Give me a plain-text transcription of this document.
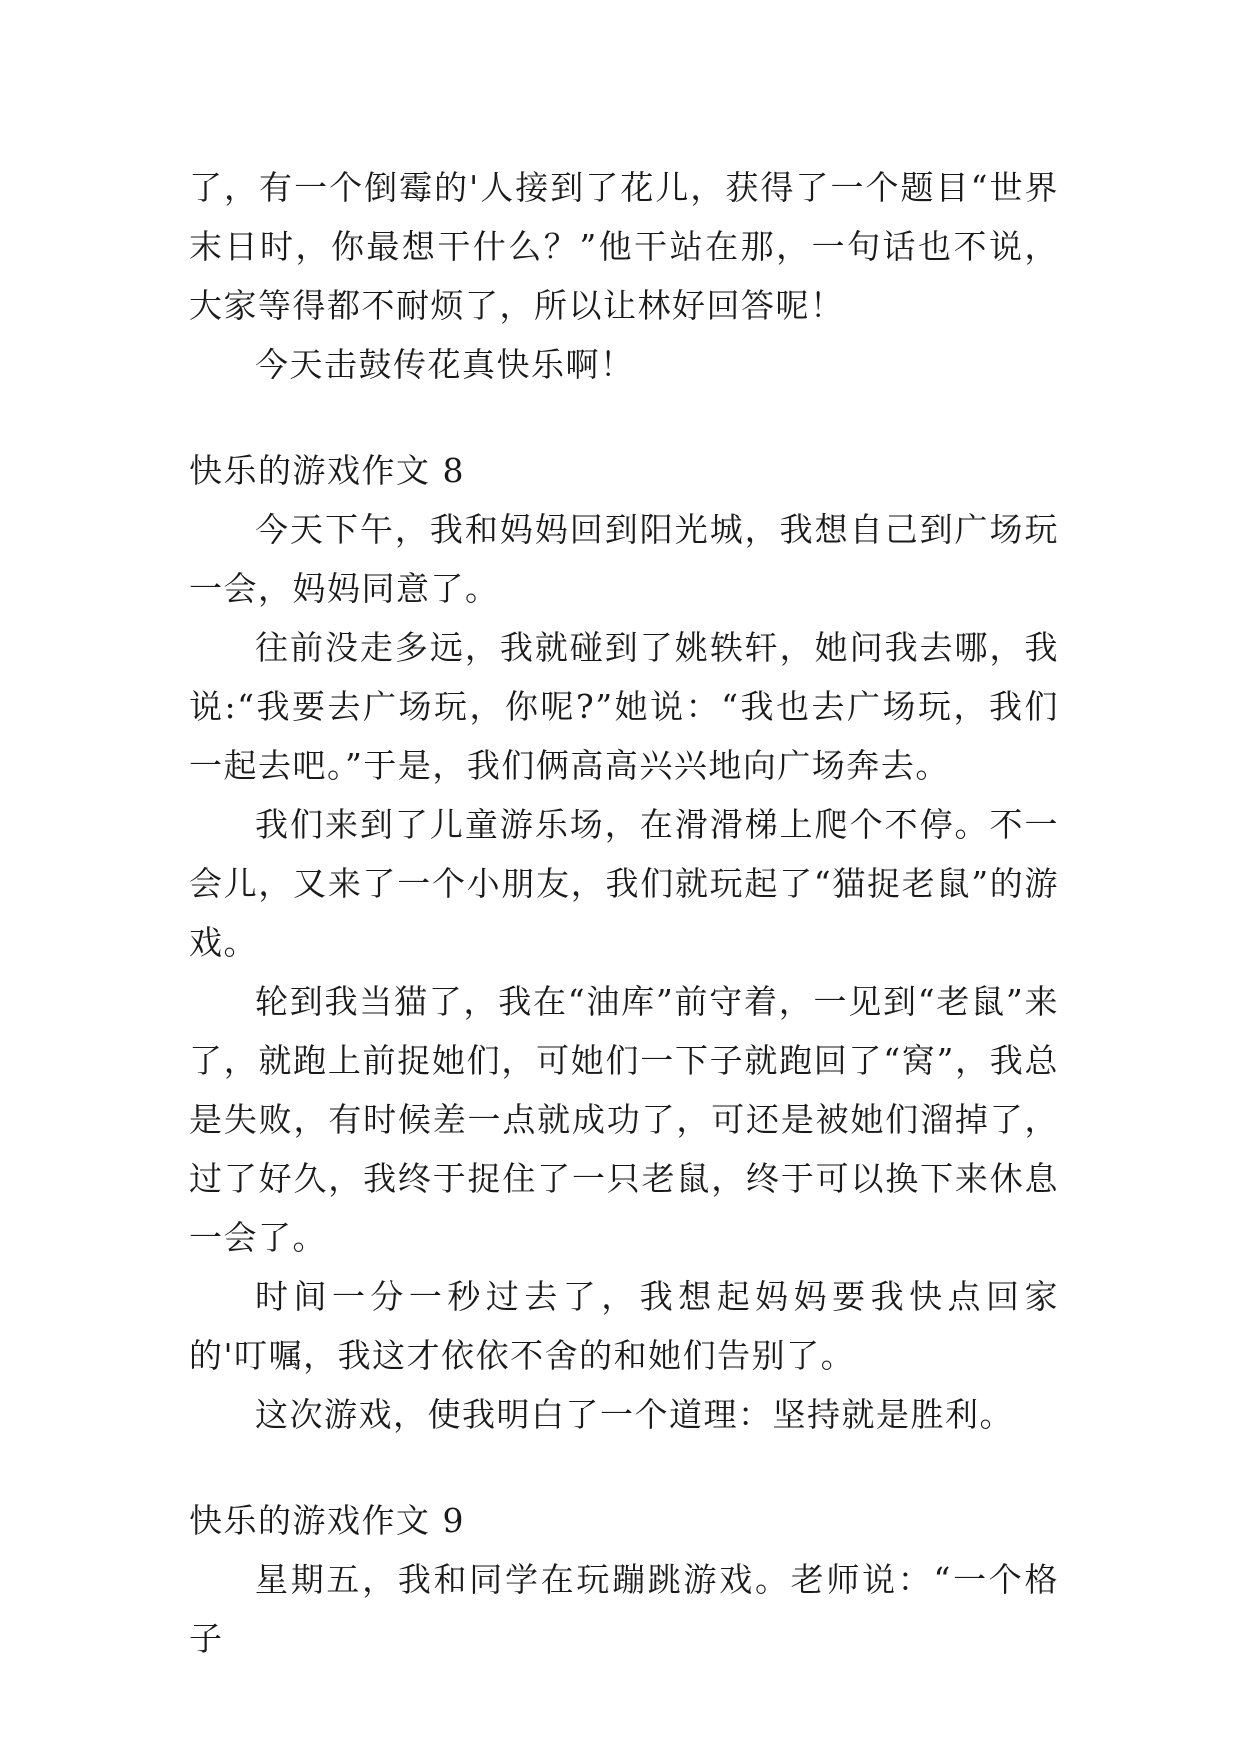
了，有一个倒霉的'人接到了花儿，获得了一个题目“世界末日时，你最想干什么？”他干站在那，一句话也不说，大家等得都不耐烦了，所以让林好回答呢！

今天击鼓传花真快乐啊！

快乐的游戏作文 8

今天下午，我和妈妈回到阳光城，我想自己到广场玩一会，妈妈同意了。

往前没走多远，我就碰到了姚轶轩，她问我去哪，我说:“我要去广场玩，你呢?”她说：“我也去广场玩，我们一起去吧。”于是，我们俩高高兴兴地向广场奔去。

我们来到了儿童游乐场，在滑滑梯上爬个不停。不一会儿，又来了一个小朋友，我们就玩起了“猫捉老鼠”的游戏。

轮到我当猫了，我在“油库”前守着，一见到“老鼠”来了，就跑上前捉她们，可她们一下子就跑回了“窝”，我总是失败，有时候差一点就成功了，可还是被她们溜掉了，过了好久，我终于捉住了一只老鼠，终于可以换下来休息一会了。

时间一分一秒过去了，我想起妈妈要我快点回家的'叮嘱，我这才依依不舍的和她们告别了。

这次游戏，使我明白了一个道理：坚持就是胜利。

快乐的游戏作文 9

星期五，我和同学在玩蹦跳游戏。老师说：“一个格子
